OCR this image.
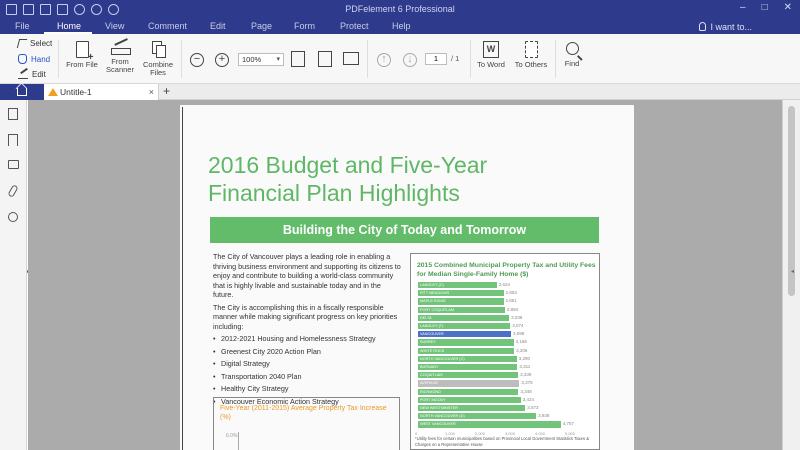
PDFelement 6 Professional	– □ ✕
File	Home	View	Comment	Edit	Page Form	Protect	Help	I want to...
Select
Hand
Edit
+
From File	From
Scanner
Combine
Files
−	+	100% ▾	↑	↓	1	/ 1
W
To Word	To Others	Find
Untitle-1	× +
2016 Budget and Five-Year
Financial Plan Highlights
Building the City of Today and Tomorrow

The City of Vancouver plays a leading role in enabling a thriving business environment and supporting its citizens to enjoy and contribute to building a world-class community that is highly livable and sustainable today and in the future.

The City is accomplishing this in a fiscally responsible manner while making significant progress on key priorities including:

• 2012-2021 Housing and Homelessness Strategy
• Greenest City 2020 Action Plan
• Digital Strategy
• Transportation 2040 Plan
• Healthy City Strategy
• Vancouver Economic Action Strategy
Five-Year (2011-2015) Average Property Tax Increase (%)
6.0%
2015 Combined Municipal Property Tax and Utility Fees for Median Single-Family Home ($)
*Utility fees for certain municipalities based on Provincial Local Government Statistics Taxes & Charges on a Representative House
LANGLEY (C)	2,624
PITT MEADOWS	2,853
MAPLE RIDGE	2,851
PORT COQUITLAM	2,894
DELTA	3,038
LANGLEY (T)	3,074
VANCOUVER	3,098
SURREY	3,186
WHITE ROCK	3,206
NORTH VANCOUVER (C)	3,290
BURNABY	3,311
COQUITLAM	3,339
AVERAGE	3,378
RICHMOND	3,348
PORT MOODY	3,424
NEW WESTMINSTER	3,573
NORTH VANCOUVER (D)	3,938
WEST VANCOUVER	4,757
0	1,000	2,000	3,000	4,000	5,000
◂
